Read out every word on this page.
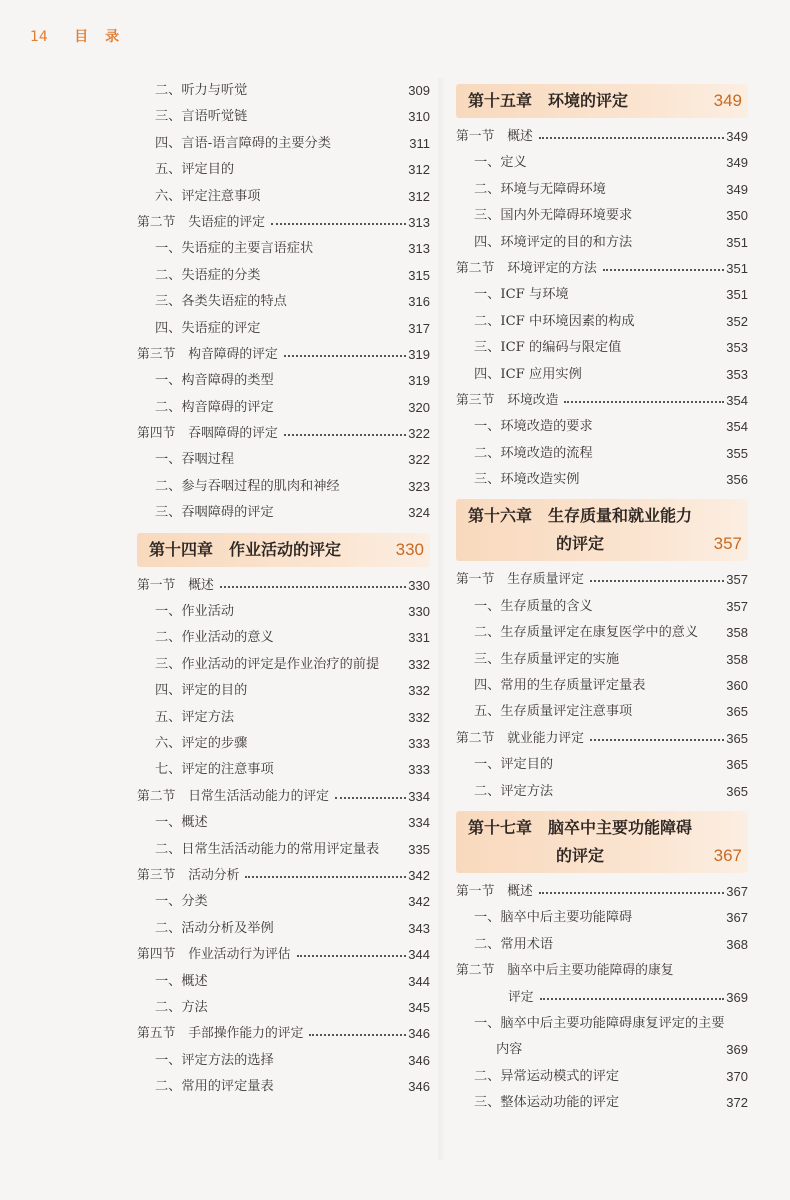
14 目 录
二、听力与听觉	309
三、言语听觉链	310
四、言语-语言障碍的主要分类	311
五、评定目的	312
六、评定注意事项	312
第二节　失语症的评定	313
一、失语症的主要言语症状	313
二、失语症的分类	315
三、各类失语症的特点	316
四、失语症的评定	317
第三节　构音障碍的评定	319
一、构音障碍的类型	319
二、构音障碍的评定	320
第四节　吞咽障碍的评定	322
一、吞咽过程	322
二、参与吞咽过程的肌肉和神经	323
三、吞咽障碍的评定	324
第十四章　作业活动的评定	330
第一节　概述	330
一、作业活动	330
二、作业活动的意义	331
三、作业活动的评定是作业治疗的前提 332
四、评定的目的	332
五、评定方法	332
六、评定的步骤	333
七、评定的注意事项	333
第二节　日常生活活动能力的评定	334
一、概述	334
二、日常生活活动能力的常用评定量表 335
第三节　活动分析	342
一、分类	342
二、活动分析及举例	343
第四节　作业活动行为评估	344
一、概述	344
二、方法	345
第五节　手部操作能力的评定	346
一、评定方法的选择	346
二、常用的评定量表	346
第十五章　环境的评定	349
第一节　概述	349
一、定义	349
二、环境与无障碍环境	349
三、国内外无障碍环境要求	350
四、环境评定的目的和方法	351
第二节　环境评定的方法	351
一、ICF 与环境	351
二、ICF 中环境因素的构成	352
三、ICF 的编码与限定值	353
四、ICF 应用实例	353
第三节　环境改造	354
一、环境改造的要求	354
二、环境改造的流程	355
三、环境改造实例	356
第十六章　生存质量和就业能力
的评定	357
第一节　生存质量评定	357
一、生存质量的含义	357
二、生存质量评定在康复医学中的意义 358
三、生存质量评定的实施	358
四、常用的生存质量评定量表	360
五、生存质量评定注意事项	365
第二节　就业能力评定	365
一、评定目的	365
二、评定方法	365
第十七章　脑卒中主要功能障碍
的评定	367
第一节　概述	367
一、脑卒中后主要功能障碍	367
二、常用术语	368
第二节　脑卒中后主要功能障碍的康复
评定	369
一、脑卒中后主要功能障碍康复评定的主要
内容	369
二、异常运动模式的评定	370
三、整体运动功能的评定	372
